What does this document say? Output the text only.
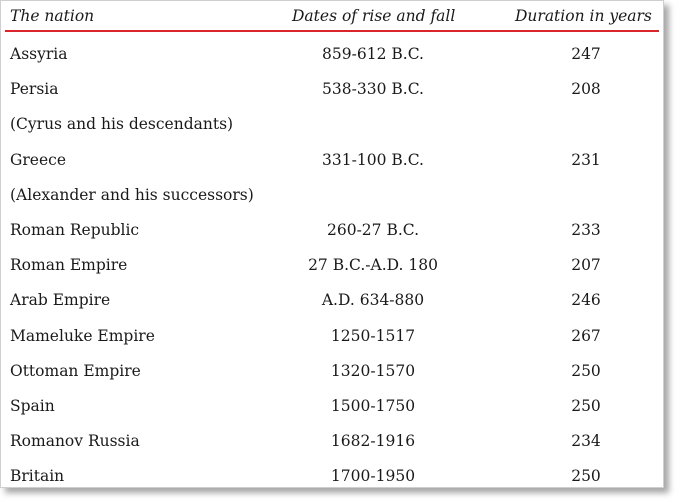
The nation	Dates of rise and fall	Duration in years
Assyria	859-612 B.C.	247
Persia	538-330 B.C.	208
(Cyrus and his descendants)
Greece	331-100 B.C.	231
(Alexander and his successors)
Roman Republic	260-27 B.C.	233
Roman Empire	27 B.C.-A.D. 180	207
Arab Empire	A.D. 634-880	246
Mameluke Empire	1250-1517	267
Ottoman Empire	1320-1570	250
Spain	1500-1750	250
Romanov Russia	1682-1916	234
Britain	1700-1950	250
